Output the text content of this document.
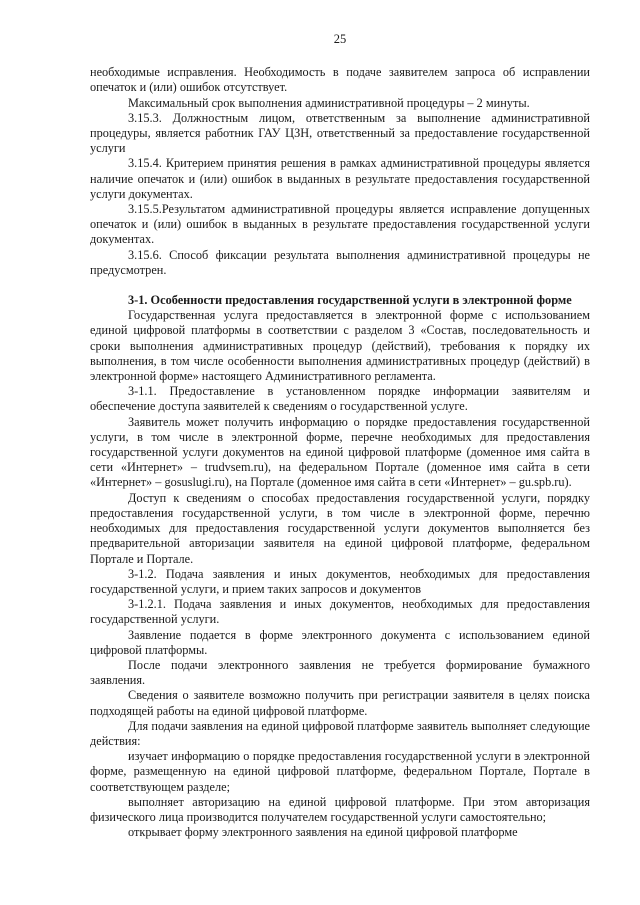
25

необходимые исправления. Необходимость в подаче заявителем запроса об исправлении опечаток и (или) ошибок отсутствует.

Максимальный срок выполнения административной процедуры – 2 минуты.

3.15.3. Должностным лицом, ответственным за выполнение административной процедуры, является работник ГАУ ЦЗН, ответственный за предоставление государственной услуги

3.15.4. Критерием принятия решения в рамках административной процедуры является наличие опечаток и (или) ошибок в выданных в результате предоставления государственной услуги документах.

3.15.5.Результатом административной процедуры является исправление допущенных опечаток и (или) ошибок в выданных в результате предоставления государственной услуги документах.

3.15.6. Способ фиксации результата выполнения административной процедуры не предусмотрен.

3-1. Особенности предоставления государственной услуги в электронной форме

Государственная услуга предоставляется в электронной форме с использованием единой цифровой платформы в соответствии с разделом 3 «Состав, последовательность и сроки выполнения административных процедур (действий), требования к порядку их выполнения, в том числе особенности выполнения административных процедур (действий) в электронной форме» настоящего Административного регламента.

3-1.1. Предоставление в установленном порядке информации заявителям и обеспечение доступа заявителей к сведениям о государственной услуге.

Заявитель может получить информацию о порядке предоставления государственной услуги, в том числе в электронной форме, перечне необходимых для предоставления государственной услуги документов на единой цифровой платформе (доменное имя сайта в сети «Интернет» – trudvsem.ru), на федеральном Портале (доменное имя сайта в сети «Интернет» – gosuslugi.ru), на Портале (доменное имя сайта в сети «Интернет» – gu.spb.ru).

Доступ к сведениям о способах предоставления государственной услуги, порядку предоставления государственной услуги, в том числе в электронной форме, перечню необходимых для предоставления государственной услуги документов выполняется без предварительной авторизации заявителя на единой цифровой платформе, федеральном Портале и Портале.

3-1.2. Подача заявления и иных документов, необходимых для предоставления государственной услуги, и прием таких запросов и документов

3-1.2.1. Подача заявления и иных документов, необходимых для предоставления государственной услуги.

Заявление подается в форме электронного документа с использованием единой цифровой платформы.

После подачи электронного заявления не требуется формирование бумажного заявления.

Сведения о заявителе возможно получить при регистрации заявителя в целях поиска подходящей работы на единой цифровой платформе.

Для подачи заявления на единой цифровой платформе заявитель выполняет следующие действия:

изучает информацию о порядке предоставления государственной услуги в электронной форме, размещенную на единой цифровой платформе, федеральном Портале, Портале в соответствующем разделе;

выполняет авторизацию на единой цифровой платформе. При этом авторизация физического лица производится получателем государственной услуги самостоятельно;

открывает форму электронного заявления на единой цифровой платформе
